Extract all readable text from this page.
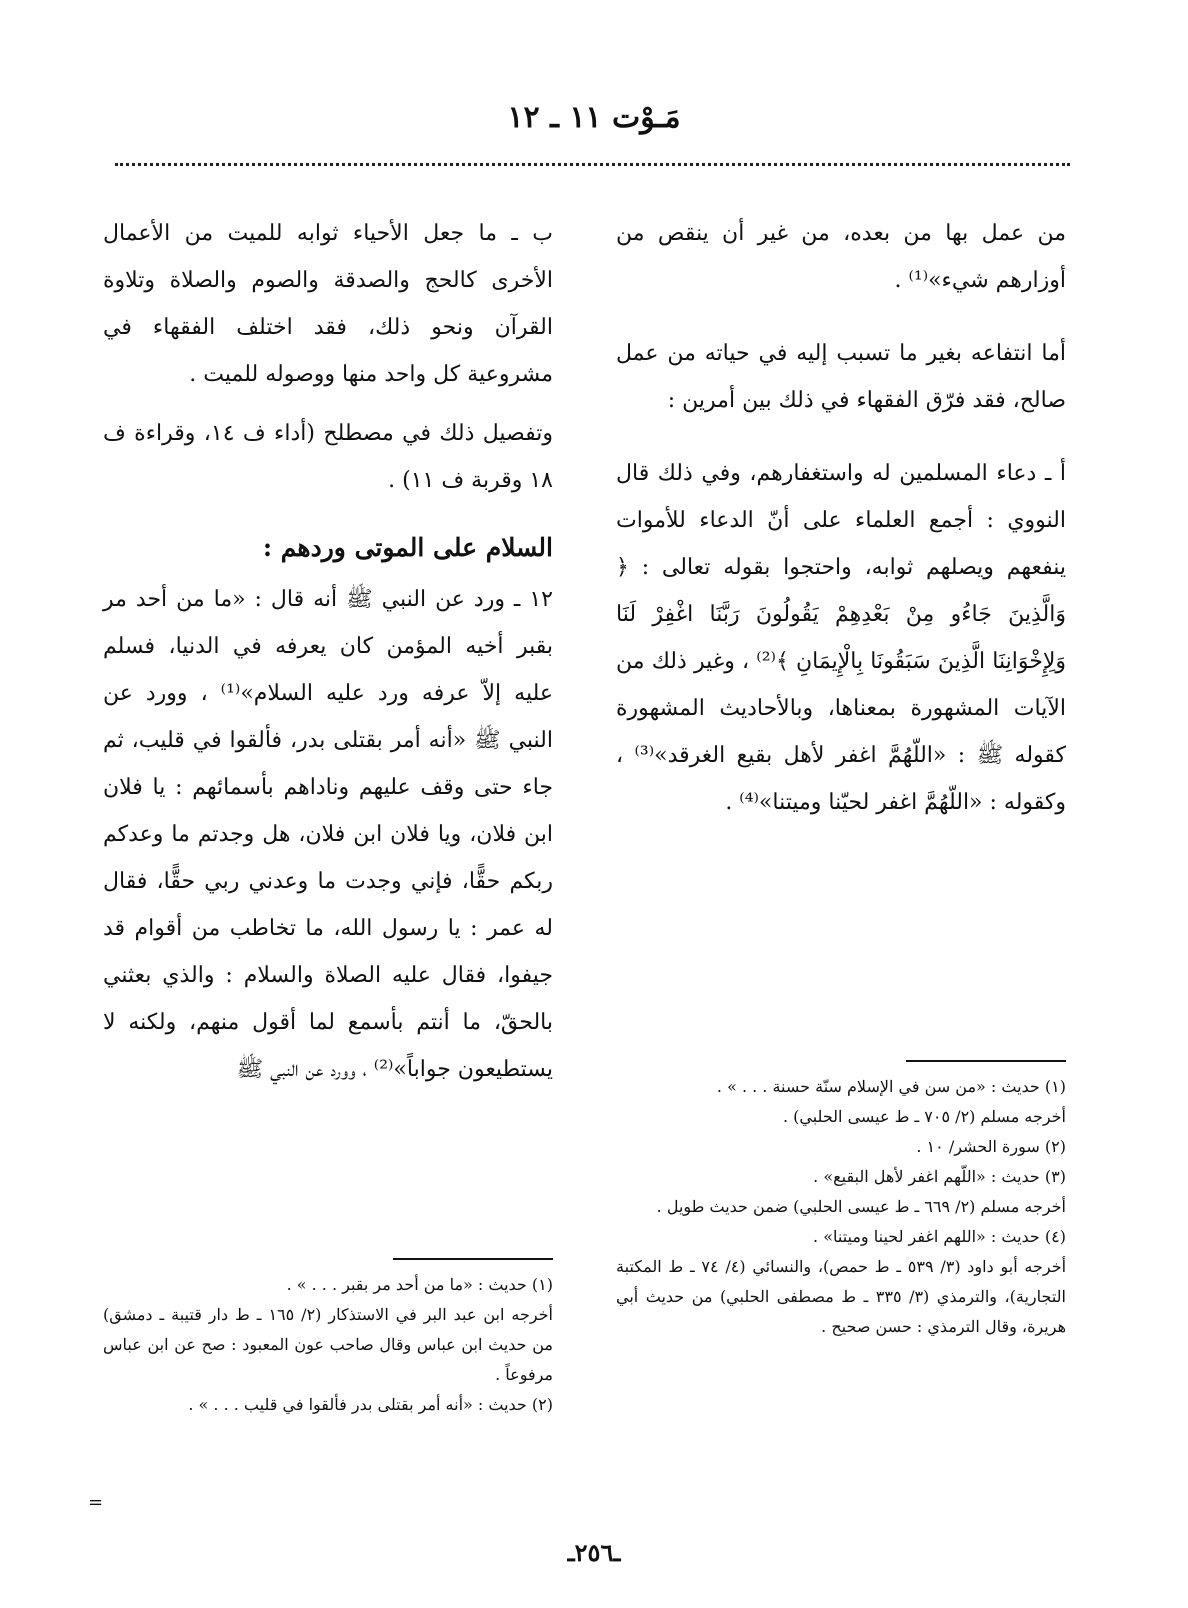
مَـوْت ١١ ـ ١٢

من عمل بها من بعده، من غير أن ينقص من أوزارهم شيء»⁽¹⁾ .

أما انتفاعه بغير ما تسبب إليه في حياته من عمل صالح، فقد فرّق الفقهاء في ذلك بين أمرين :

أ ـ دعاء المسلمين له واستغفارهم، وفي ذلك قال النووي : أجمع العلماء على أنّ الدعاء للأموات ينفعهم ويصلهم ثوابه، واحتجوا بقوله تعالى : ﴿ وَالَّذِينَ جَاءُو مِنْ بَعْدِهِمْ يَقُولُونَ رَبَّنَا اغْفِرْ لَنَا وَلِإِخْوَانِنَا الَّذِينَ سَبَقُونَا بِالْإِيمَانِ ﴾⁽²⁾ ، وغير ذلك من الآيات المشهورة بمعناها، وبالأحاديث المشهورة كقوله ﷺ : «اللّهُمَّ اغفر لأهل بقيع الغرقد»⁽³⁾ ، وكقوله : «اللّهُمَّ اغفر لحيّنا وميتنا»⁽⁴⁾ .

(١) حديث : «من سن في الإسلام سنّة حسنة . . . » .
أخرجه مسلم (٢/ ٧٠٥ ـ ط عيسى الحلبي) .
(٢) سورة الحشر/ ١٠ .
(٣) حديث : «اللّهم اغفر لأهل البقيع» .
أخرجه مسلم (٢/ ٦٦٩ ـ ط عيسى الحلبي) ضمن حديث طويل .
(٤) حديث : «اللهم اغفر لحينا وميتنا» .
أخرجه أبو داود (٣/ ٥٣٩ ـ ط حمص)، والنسائي (٤/ ٧٤ ـ ط المكتبة التجارية)، والترمذي (٣/ ٣٣٥ ـ ط مصطفى الحلبي) من حديث أبي هريرة، وقال الترمذي : حسن صحيح .

ب ـ ما جعل الأحياء ثوابه للميت من الأعمال الأخرى كالحج والصدقة والصوم والصلاة وتلاوة القرآن ونحو ذلك، فقد اختلف الفقهاء في مشروعية كل واحد منها ووصوله للميت .

وتفصيل ذلك في مصطلح (أداء ف ١٤، وقراءة ف ١٨ وقربة ف ١١) .

السلام على الموتى وردهم :

١٢ ـ ورد عن النبي ﷺ أنه قال : «ما من أحد مر بقبر أخيه المؤمن كان يعرفه في الدنيا، فسلم عليه إلاّ عرفه ورد عليه السلام»⁽¹⁾ ، وورد عن النبي ﷺ «أنه أمر بقتلى بدر، فألقوا في قليب، ثم جاء حتى وقف عليهم وناداهم بأسمائهم : يا فلان ابن فلان، ويا فلان ابن فلان، هل وجدتم ما وعدكم ربكم حقًّا، فإني وجدت ما وعدني ربي حقًّا، فقال له عمر : يا رسول الله، ما تخاطب من أقوام قد جيفوا، فقال عليه الصلاة والسلام : والذي بعثني بالحقّ، ما أنتم بأسمع لما أقول منهم، ولكنه لا يستطيعون جواباً»⁽²⁾ ، وورد عن النبي ﷺ

(١) حديث : «ما من أحد مر بقبر . . . » .
أخرجه ابن عبد البر في الاستذكار (٢/ ١٦٥ ـ ط دار قتيبة ـ دمشق) من حديث ابن عباس وقال صاحب عون المعبود : صح عن ابن عباس مرفوعاً .
(٢) حديث : «أنه أمر بقتلى بدر فألقوا في قليب . . . » .
=
ـ٢٥٦ـ
